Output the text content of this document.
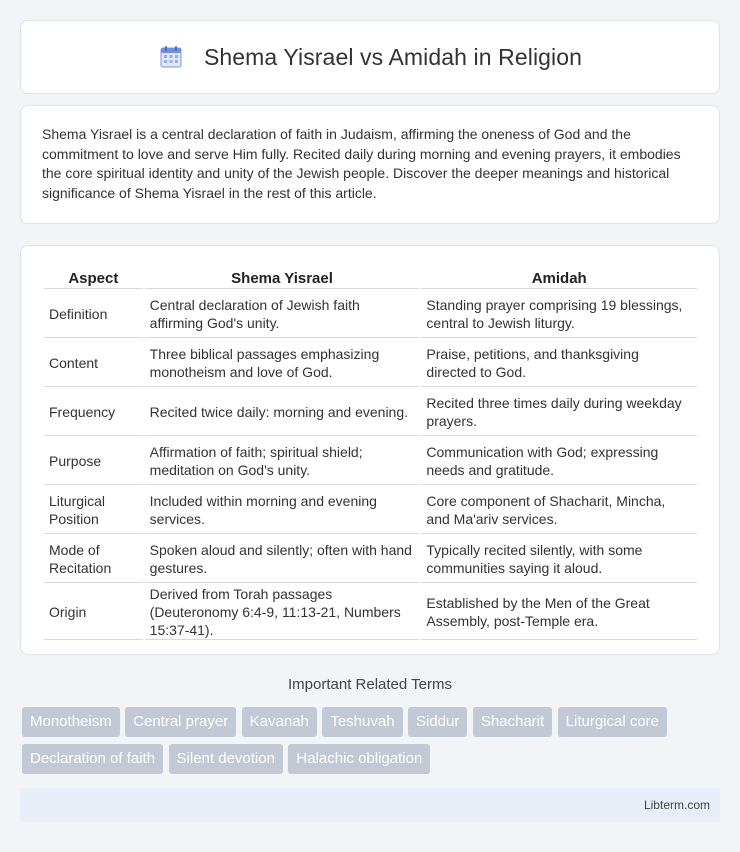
Shema Yisrael vs Amidah in Religion

Shema Yisrael is a central declaration of faith in Judaism, affirming the oneness of God and the commitment to love and serve Him fully. Recited daily during morning and evening prayers, it embodies the core spiritual identity and unity of the Jewish people. Discover the deeper meanings and historical significance of Shema Yisrael in the rest of this article.

Aspect	Shema Yisrael	Amidah
Definition	Central declaration of Jewish faith affirming God's unity.	Standing prayer comprising 19 blessings, central to Jewish liturgy.
Content	Three biblical passages emphasizing monotheism and love of God.	Praise, petitions, and thanksgiving directed to God.
Frequency	Recited twice daily: morning and evening.	Recited three times daily during weekday prayers.
Purpose	Affirmation of faith; spiritual shield; meditation on God's unity.	Communication with God; expressing needs and gratitude.
Liturgical Position	Included within morning and evening services.	Core component of Shacharit, Mincha, and Ma'ariv services.
Mode of Recitation	Spoken aloud and silently; often with hand gestures.	Typically recited silently, with some communities saying it aloud.
Origin	Derived from Torah passages (Deuteronomy 6:4-9, 11:13-21, Numbers 15:37-41).	Established by the Men of the Great Assembly, post-Temple era.
Important Related Terms
Monotheism Central prayer Kavanah Teshuvah Siddur Shacharit Liturgical core Declaration of faith Silent devotion Halachic obligation
Libterm.com
